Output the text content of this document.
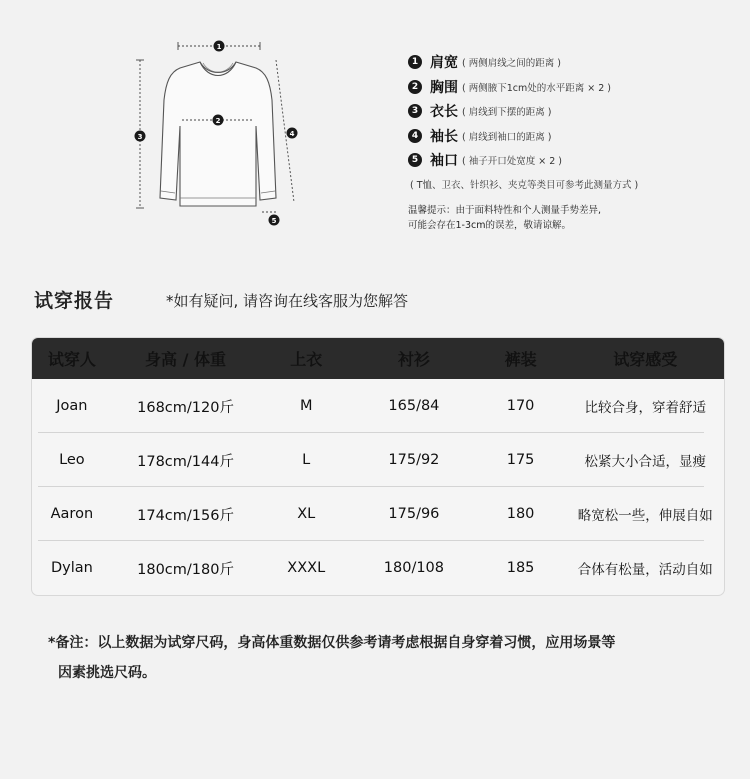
1
2
3	4
5
1 肩宽 ( 两侧肩线之间的距离 )
2 胸围 ( 两侧腋下1cm处的水平距离 × 2 )
3 衣长 ( 肩线到下摆的距离 )
4 袖长 ( 肩线到袖口的距离 )
5 袖口 ( 袖子开口处宽度 × 2 )
( T恤、卫衣、针织衫、夹克等类目可参考此测量方式 )
温馨提示：由于面料特性和个人测量手势差异,
可能会存在1-3cm的误差，敬请谅解。
试穿报告	*如有疑问, 请咨询在线客服为您解答
试穿人	身高 / 体重	上衣	衬衫	裤装	试穿感受
Joan	168cm/120斤	M	165/84	170	比较合身，穿着舒适
Leo	178cm/144斤	L	175/92	175	松紧大小合适，显瘦
Aaron	174cm/156斤	XL	175/96	180	略宽松一些，伸展自如
Dylan	180cm/180斤	XXXL	180/108	185	合体有松量，活动自如
*备注：以上数据为试穿尺码，身高体重数据仅供参考请考虑根据自身穿着习惯，应用场景等
因素挑选尺码。
